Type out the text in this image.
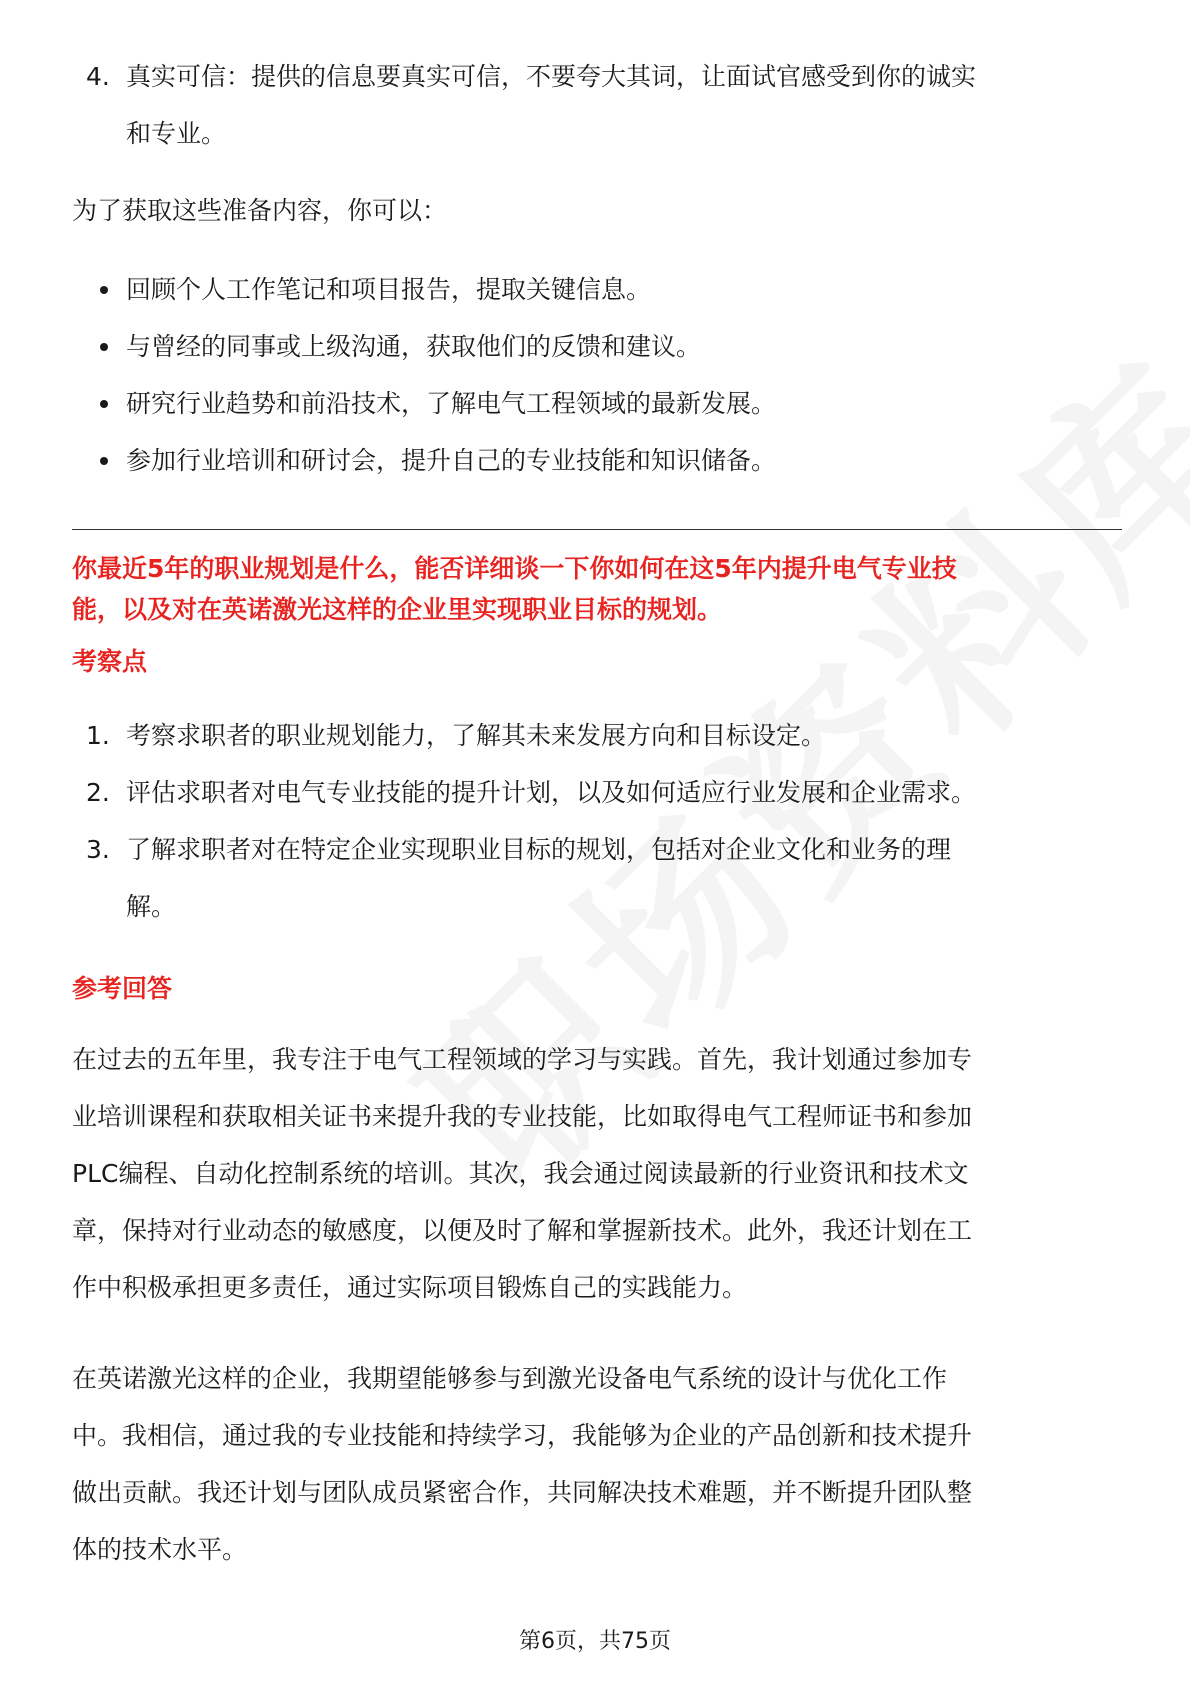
4. 真实可信：提供的信息要真实可信，不要夸大其词，让面试官感受到你的诚实
和专业。

为了获取这些准备内容，你可以：

回顾个人工作笔记和项目报告，提取关键信息。
与曾经的同事或上级沟通，获取他们的反馈和建议。
研究行业趋势和前沿技术，了解电气工程领域的最新发展。
参加行业培训和研讨会，提升自己的专业技能和知识储备。

你最近5年的职业规划是什么，能否详细谈一下你如何在这5年内提升电气专业技

能，以及对在英诺激光这样的企业里实现职业目标的规划。

考察点

1. 考察求职者的职业规划能力，了解其未来发展方向和目标设定。
2. 评估求职者对电气专业技能的提升计划，以及如何适应行业发展和企业需求。
3. 了解求职者对在特定企业实现职业目标的规划，包括对企业文化和业务的理
解。

参考回答

在过去的五年里，我专注于电气工程领域的学习与实践。首先，我计划通过参加专
业培训课程和获取相关证书来提升我的专业技能，比如取得电气工程师证书和参加
PLC编程、自动化控制系统的培训。其次，我会通过阅读最新的行业资讯和技术文
章，保持对行业动态的敏感度，以便及时了解和掌握新技术。此外，我还计划在工
作中积极承担更多责任，通过实际项目锻炼自己的实践能力。
在英诺激光这样的企业，我期望能够参与到激光设备电气系统的设计与优化工作
中。我相信，通过我的专业技能和持续学习，我能够为企业的产品创新和技术提升
做出贡献。我还计划与团队成员紧密合作，共同解决技术难题，并不断提升团队整
体的技术水平。
第6页，共75页
